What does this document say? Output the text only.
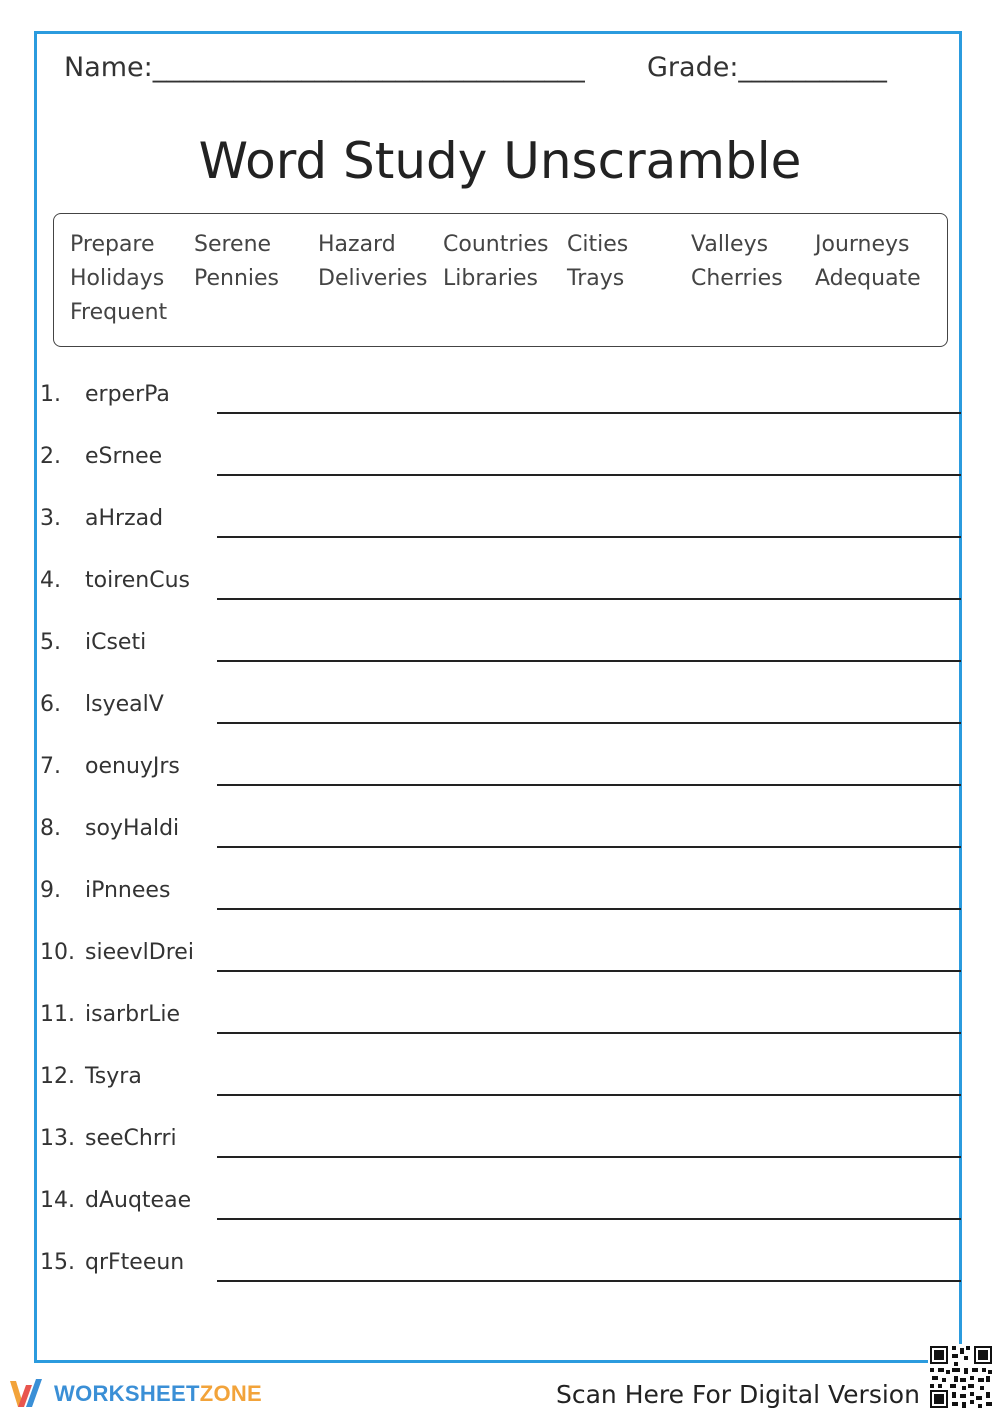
Name:________________________________ Grade:___________
Word Study Unscramble
Prepare Serene Hazard Countries Cities	Valleys Journeys
Holidays Pennies Deliveries Libraries Trays	Cherries Adequate
Frequent
1. erperPa
2. eSrnee
3. aHrzad
4. toirenCus
5. iCseti
6. lsyealV
7. oenuyJrs
8. soyHaldi
9. iPnnees
10. sieevlDrei
11. isarbrLie
12. Tsyra
13. seeChrri
14. dAuqteae
15. qrFteeun
WORKSHEETZONE	Scan Here For Digital Version
